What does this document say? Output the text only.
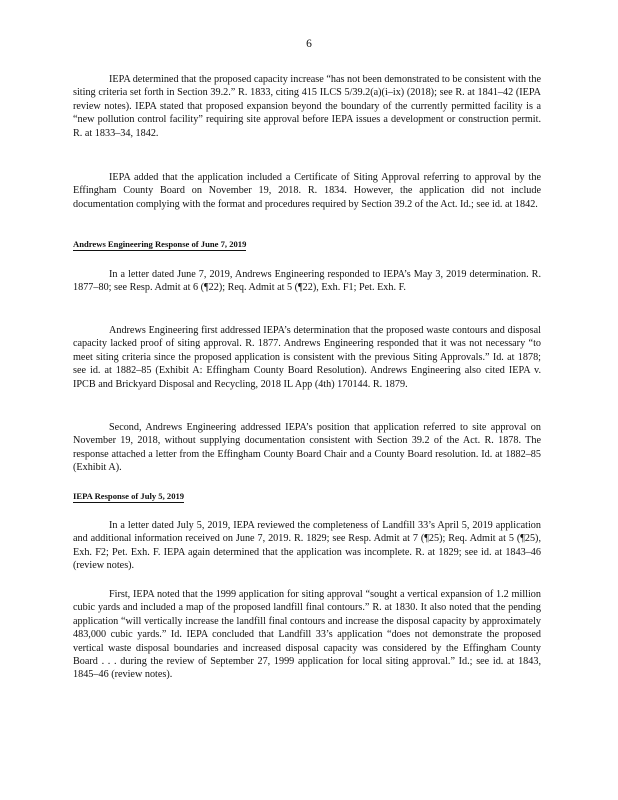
6

IEPA determined that the proposed capacity increase “has not been demonstrated to be consistent with the siting criteria set forth in Section 39.2.” R. 1833, citing 415 ILCS 5/39.2(a)(i–ix) (2018); see R. at 1841–42 (IEPA review notes). IEPA stated that proposed expansion beyond the boundary of the currently permitted facility is a “new pollution control facility” requiring site approval before IEPA issues a development or construction permit. R. at 1833–34, 1842.

IEPA added that the application included a Certificate of Siting Approval referring to approval by the Effingham County Board on November 19, 2018. R. 1834. However, the application did not include documentation complying with the format and procedures required by Section 39.2 of the Act. Id.; see id. at 1842.

Andrews Engineering Response of June 7, 2019

In a letter dated June 7, 2019, Andrews Engineering responded to IEPA’s May 3, 2019 determination. R. 1877–80; see Resp. Admit at 6 (¶22); Req. Admit at 5 (¶22), Exh. F1; Pet. Exh. F.

Andrews Engineering first addressed IEPA’s determination that the proposed waste contours and disposal capacity lacked proof of siting approval. R. 1877. Andrews Engineering responded that it was not necessary “to meet siting criteria since the proposed application is consistent with the previous Siting Approvals.” Id. at 1878; see id. at 1882–85 (Exhibit A: Effingham County Board Resolution). Andrews Engineering also cited IEPA v. IPCB and Brickyard Disposal and Recycling, 2018 IL App (4th) 170144. R. 1879.

Second, Andrews Engineering addressed IEPA’s position that application referred to site approval on November 19, 2018, without supplying documentation consistent with Section 39.2 of the Act. R. 1878. The response attached a letter from the Effingham County Board Chair and a County Board resolution. Id. at 1882–85 (Exhibit A).

IEPA Response of July 5, 2019

In a letter dated July 5, 2019, IEPA reviewed the completeness of Landfill 33’s April 5, 2019 application and additional information received on June 7, 2019. R. 1829; see Resp. Admit at 7 (¶25); Req. Admit at 5 (¶25), Exh. F2; Pet. Exh. F. IEPA again determined that the application was incomplete. R. at 1829; see id. at 1843–46 (review notes).

First, IEPA noted that the 1999 application for siting approval “sought a vertical expansion of 1.2 million cubic yards and included a map of the proposed landfill final contours.” R. at 1830. It also noted that the pending application “will vertically increase the landfill final contours and increase the disposal capacity by approximately 483,000 cubic yards.” Id. IEPA concluded that Landfill 33’s application “does not demonstrate the proposed vertical waste disposal boundaries and increased disposal capacity was considered by the Effingham County Board . . . during the review of September 27, 1999 application for local siting approval.” Id.; see id. at 1843, 1845–46 (review notes).
